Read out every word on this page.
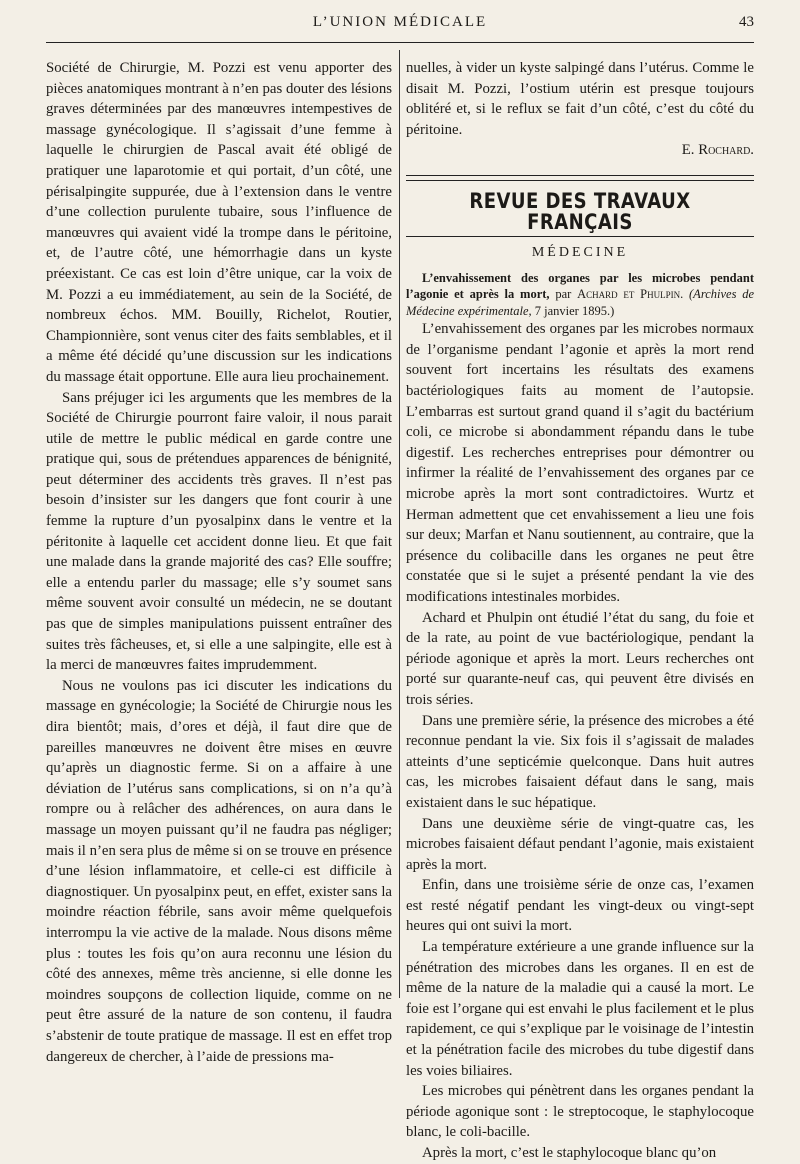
L’UNION MÉDICALE	43

Société de Chirurgie, M. Pozzi est venu apporter des pièces anatomiques montrant à n’en pas douter des lésions graves déterminées par des manœuvres intempestives de massage gynécologique. Il s’agissait d’une femme à laquelle le chirurgien de Pascal avait été obligé de pratiquer une laparotomie et qui portait, d’un côté, une périsalpingite suppurée, due à l’extension dans le ventre d’une collection purulente tubaire, sous l’influence de manœuvres qui avaient vidé la trompe dans le péritoine, et, de l’autre côté, une hémorrhagie dans un kyste préexistant. Ce cas est loin d’être unique, car la voix de M. Pozzi a eu immédiatement, au sein de la Société, de nombreux échos. MM. Bouilly, Richelot, Routier, Championnière, sont venus citer des faits semblables, et il a même été décidé qu’une discussion sur les indications du massage était opportune. Elle aura lieu prochainement.

Sans préjuger ici les arguments que les membres de la Société de Chirurgie pourront faire valoir, il nous parait utile de mettre le public médical en garde contre une pratique qui, sous de prétendues apparences de bénignité, peut déterminer des accidents très graves. Il n’est pas besoin d’insister sur les dangers que font courir à une femme la rupture d’un pyosalpinx dans le ventre et la péritonite à laquelle cet accident donne lieu. Et que fait une malade dans la grande majorité des cas? Elle souffre; elle a entendu parler du massage; elle s’y soumet sans même souvent avoir consulté un médecin, ne se doutant pas que de simples manipulations puissent entraîner des suites très fâcheuses, et, si elle a une salpingite, elle est à la merci de manœuvres faites imprudemment.

Nous ne voulons pas ici discuter les indications du massage en gynécologie; la Société de Chirurgie nous les dira bientôt; mais, d’ores et déjà, il faut dire que de pareilles manœuvres ne doivent être mises en œuvre qu’après un diagnostic ferme. Si on a affaire à une déviation de l’utérus sans complications, si on n’a qu’à rompre ou à relâcher des adhérences, on aura dans le massage un moyen puissant qu’il ne faudra pas négliger; mais il n’en sera plus de même si on se trouve en présence d’une lésion inflammatoire, et celle-ci est difficile à diagnostiquer. Un pyosalpinx peut, en effet, exister sans la moindre réaction fébrile, sans avoir même quelquefois interrompu la vie active de la malade. Nous disons même plus : toutes les fois qu’on aura reconnu une lésion du côté des annexes, même très ancienne, si elle donne les moindres soupçons de collection liquide, comme on ne peut être assuré de la nature de son contenu, il faudra s’abstenir de toute pratique de massage. Il est en effet trop dangereux de chercher, à l’aide de pressions ma-

nuelles, à vider un kyste salpingé dans l’utérus. Comme le disait M. Pozzi, l’ostium utérin est presque toujours oblitéré et, si le reflux se fait d’un côté, c’est du côté du péritoine.

E. Rochard.
REVUE DES TRAVAUX FRANÇAIS
MÉDECINE

L’envahissement des organes par les microbes pendant l’agonie et après la mort, par Achard et Phulpin. (Archives de Médecine expérimentale, 7 janvier 1895.)

L’envahissement des organes par les microbes normaux de l’organisme pendant l’agonie et après la mort rend souvent fort incertains les résultats des examens bactériologiques faits au moment de l’autopsie. L’embarras est surtout grand quand il s’agit du bactérium coli, ce microbe si abondamment répandu dans le tube digestif. Les recherches entreprises pour démontrer ou infirmer la réalité de l’envahissement des organes par ce microbe après la mort sont contradictoires. Wurtz et Herman admettent que cet envahissement a lieu une fois sur deux; Marfan et Nanu soutiennent, au contraire, que la présence du colibacille dans les organes ne peut être constatée que si le sujet a présenté pendant la vie des modifications intestinales morbides.

Achard et Phulpin ont étudié l’état du sang, du foie et de la rate, au point de vue bactériologique, pendant la période agonique et après la mort. Leurs recherches ont porté sur quarante-neuf cas, qui peuvent être divisés en trois séries.

Dans une première série, la présence des microbes a été reconnue pendant la vie. Six fois il s’agissait de malades atteints d’une septicémie quelconque. Dans huit autres cas, les microbes faisaient défaut dans le sang, mais existaient dans le suc hépatique.

Dans une deuxième série de vingt-quatre cas, les microbes faisaient défaut pendant l’agonie, mais existaient après la mort.

Enfin, dans une troisième série de onze cas, l’examen est resté négatif pendant les vingt-deux ou vingt-sept heures qui ont suivi la mort.

La température extérieure a une grande influence sur la pénétration des microbes dans les organes. Il en est de même de la nature de la maladie qui a causé la mort. Le foie est l’organe qui est envahi le plus facilement et le plus rapidement, ce qui s’explique par le voisinage de l’intestin et la pénétration facile des microbes du tube digestif dans les voies biliaires.

Les microbes qui pénètrent dans les organes pendant la période agonique sont : le streptocoque, le staphylocoque blanc, le coli-bacille.

Après la mort, c’est le staphylocoque blanc qu’on
